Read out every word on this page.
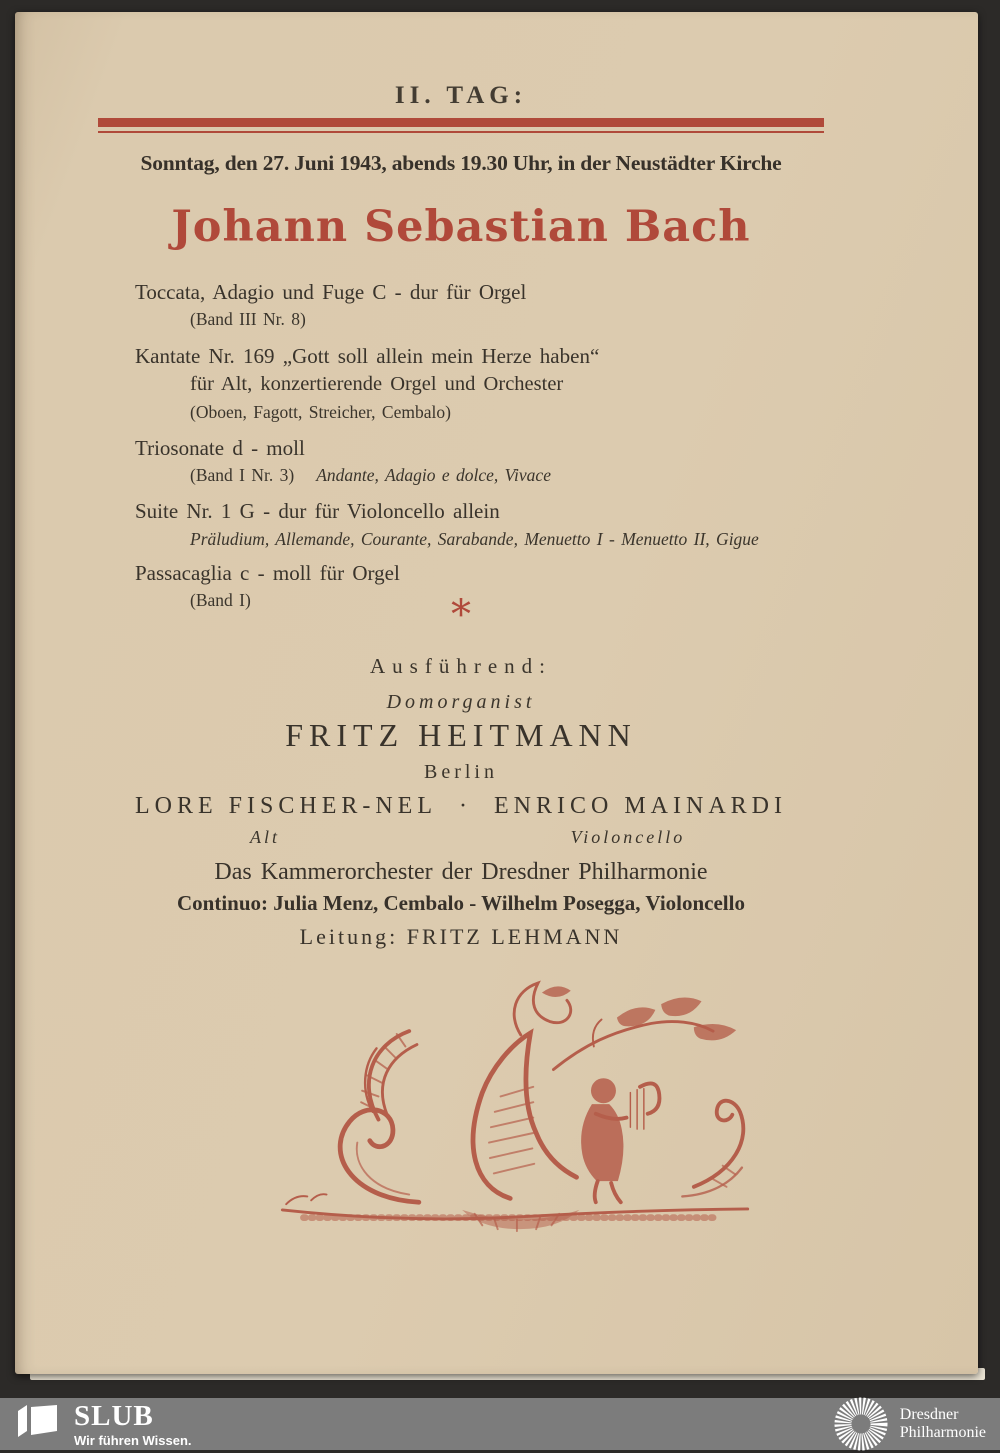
II. TAG:
Sonntag, den 27. Juni 1943, abends 19.30 Uhr, in der Neustädter Kirche
Johann Sebastian Bach
Toccata, Adagio und Fuge C - dur für Orgel
(Band III Nr. 8)
Kantate Nr. 169 „Gott soll allein mein Herze haben“
für Alt, konzertierende Orgel und Orchester
(Oboen, Fagott, Streicher, Cembalo)
Triosonate d - moll
(Band I Nr. 3) Andante, Adagio e dolce, Vivace
Suite Nr. 1 G - dur für Violoncello allein
Präludium, Allemande, Courante, Sarabande, Menuetto I - Menuetto II, Gigue
Passacaglia c - moll für Orgel
(Band I)	*
Ausführend:
Domorganist
FRITZ HEITMANN
Berlin
LORE FISCHER-NEL · ENRICO MAINARDI
Alt	Violoncello
Das Kammerorchester der Dresdner Philharmonie
Continuo: Julia Menz, Cembalo - Wilhelm Posegga, Violoncello
Leitung: FRITZ LEHMANN
SLUB
Wir führen Wissen.
Dresdner
Philharmonie
